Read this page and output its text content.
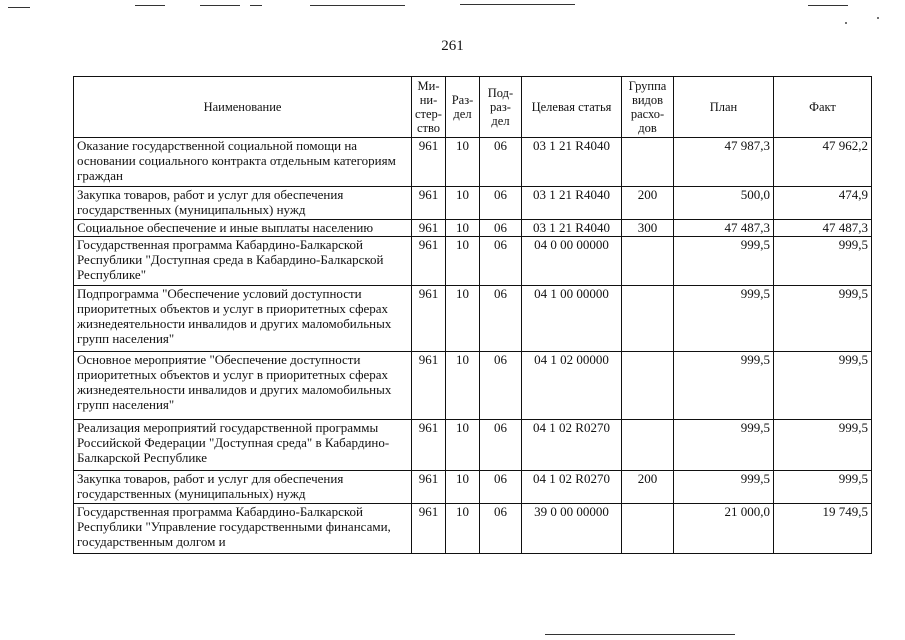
261
Наименование	Ми- ни- стер- ство	Раз- дел	Под- раз- дел	Целевая статья	Группа видов расхо- дов	План	Факт
Оказание государственной социальной помощи на основании социального контракта отдельным категориям граждан	961	10	06	03 1 21 R4040		47 987,3	47 962,2
Закупка товаров, работ и услуг для обеспечения государственных (муниципальных) нужд	961	10	06	03 1 21 R4040	200	500,0	474,9
Социальное обеспечение и иные выплаты населению	961	10	06	03 1 21 R4040	300	47 487,3	47 487,3
Государственная программа Кабардино-Балкарской Республики "Доступная среда в Кабардино-Балкарской Республике"	961	10	06	04 0 00 00000		999,5	999,5
Подпрограмма "Обеспечение условий доступности приоритетных объектов и услуг в приоритетных сферах жизнедеятельности инвалидов и других маломобильных групп населения"	961	10	06	04 1 00 00000		999,5	999,5
Основное мероприятие "Обеспечение доступности приоритетных объектов и услуг в приоритетных сферах жизнедеятельности инвалидов и других маломобильных групп населения"	961	10	06	04 1 02 00000		999,5	999,5
Реализация мероприятий государственной программы Российской Федерации "Доступная среда" в Кабардино-Балкарской Республике	961	10	06	04 1 02 R0270		999,5	999,5
Закупка товаров, работ и услуг для обеспечения государственных (муниципальных) нужд	961	10	06	04 1 02 R0270	200	999,5	999,5
Государственная программа Кабардино-Балкарской Республики "Управление государственными финансами, государственным долгом и	961	10	06	39 0 00 00000		21 000,0	19 749,5
